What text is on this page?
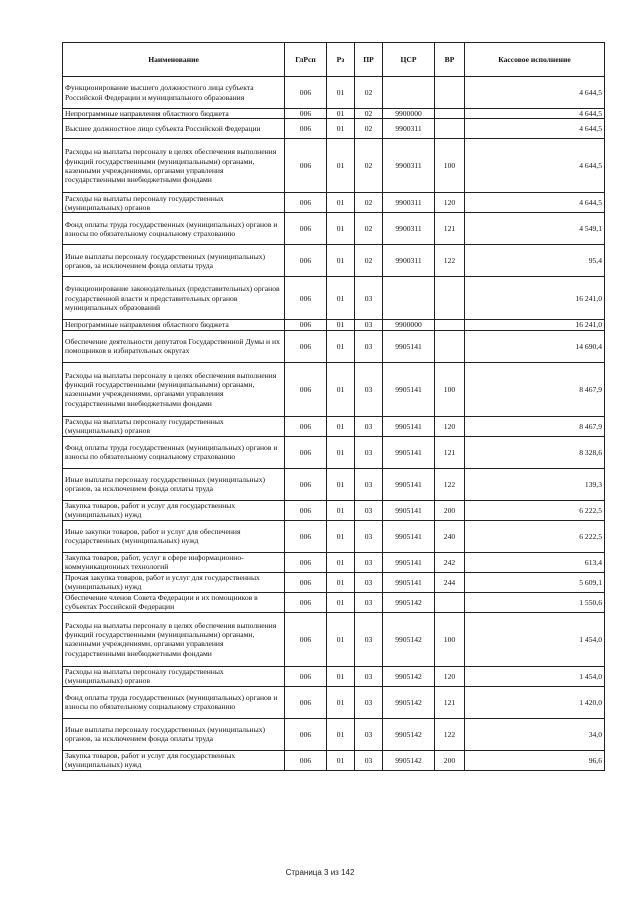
Наименование	ГлРсп	Рз	ПР	ЦСР	ВР	Кассовое исполнение
Функционирование высшего должностного лица субъекта Российской Федерации и муниципального образования	006	01	02			4 644,5
Непрограммные направления областного бюджета	006	01	02	9900000		4 644,5
Высшее должностное лицо субъекта Российской Федерации	006	01	02	9900311		4 644,5
Расходы на выплаты персоналу в целях обеспечения выполнения функций государственными (муниципальными) органами, казенными учреждениями, органами управления государственными внебюджетными фондами	006	01	02	9900311	100	4 644,5
Расходы на выплаты персоналу государственных (муниципальных) органов	006	01	02	9900311	120	4 644,5
Фонд оплаты труда государственных (муниципальных) органов и взносы по обязательному социальному страхованию	006	01	02	9900311	121	4 549,1
Иные выплаты персоналу государственных (муниципальных) органов, за исключением фонда оплаты труда	006	01	02	9900311	122	95,4
Функционирование законодательных (представительных) органов государственной власти и представительных органов муниципальных образований	006	01	03			16 241,0
Непрограммные направления областного бюджета	006	01	03	9900000		16 241,0
Обеспечение деятельности депутатов Государственной Думы и их помощников в избирательных округах	006	01	03	9905141		14 690,4
Расходы на выплаты персоналу в целях обеспечения выполнения функций государственными (муниципальными) органами, казенными учреждениями, органами управления государственными внебюджетными фондами	006	01	03	9905141	100	8 467,9
Расходы на выплаты персоналу государственных (муниципальных) органов	006	01	03	9905141	120	8 467,9
Фонд оплаты труда государственных (муниципальных) органов и взносы по обязательному социальному страхованию	006	01	03	9905141	121	8 328,6
Иные выплаты персоналу государственных (муниципальных) органов, за исключением фонда оплаты труда	006	01	03	9905141	122	139,3
Закупка товаров, работ и услуг для государственных (муниципальных) нужд	006	01	03	9905141	200	6 222,5
Иные закупки товаров, работ и услуг для обеспечения государственных (муниципальных) нужд	006	01	03	9905141	240	6 222,5
Закупка товаров, работ, услуг в сфере информационно-коммуникационных технологий	006	01	03	9905141	242	613,4
Прочая закупка товаров, работ и услуг для государственных (муниципальных) нужд	006	01	03	9905141	244	5 609,1
Обеспечение членов Совета Федерации и их помощников в субъектах Российской Федерации	006	01	03	9905142		1 550,6
Расходы на выплаты персоналу в целях обеспечения выполнения функций государственными (муниципальными) органами, казенными учреждениями, органами управления государственными внебюджетными фондами	006	01	03	9905142	100	1 454,0
Расходы на выплаты персоналу государственных (муниципальных) органов	006	01	03	9905142	120	1 454,0
Фонд оплаты труда государственных (муниципальных) органов и взносы по обязательному социальному страхованию	006	01	03	9905142	121	1 420,0
Иные выплаты персоналу государственных (муниципальных) органов, за исключением фонда оплаты труда	006	01	03	9905142	122	34,0
Закупка товаров, работ и услуг для государственных (муниципальных) нужд	006	01	03	9905142	200	96,6
Страница 3 из 142
